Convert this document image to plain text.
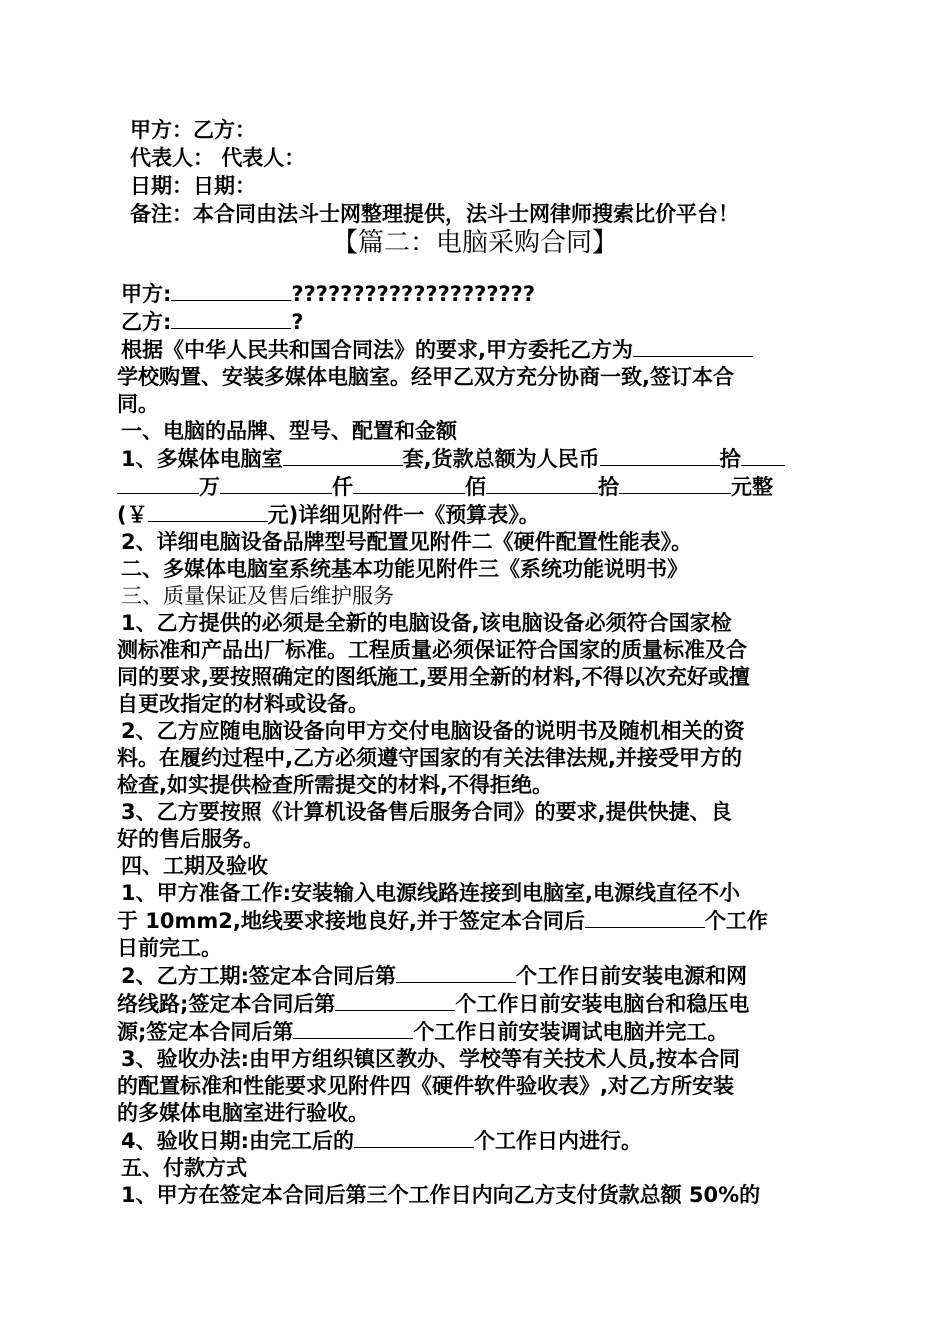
甲方：乙方：
代表人： 代表人：
日期：日期：
备注：本合同由法斗士网整理提供，法斗士网律师搜索比价平台！
【篇二：电脑采购合同】

甲方:	????????????????????

乙方:	?

根据《中华人民共和国合同法》的要求,甲方委托乙方为

学校购置、安装多媒体电脑室。经甲乙双方充分协商一致,签订本合

同。

一、电脑的品牌、型号、配置和金额

1、多媒体电脑室	套,货款总额为人民币	拾

万	仟	佰	拾	元整

(￥	元)详细见附件一《预算表》。

2、详细电脑设备品牌型号配置见附件二《硬件配置性能表》。

二、多媒体电脑室系统基本功能见附件三《系统功能说明书》

三、质量保证及售后维护服务

1、乙方提供的必须是全新的电脑设备,该电脑设备必须符合国家检

测标准和产品出厂标准。工程质量必须保证符合国家的质量标准及合

同的要求,要按照确定的图纸施工,要用全新的材料,不得以次充好或擅

自更改指定的材料或设备。

2、乙方应随电脑设备向甲方交付电脑设备的说明书及随机相关的资

料。在履约过程中,乙方必须遵守国家的有关法律法规,并接受甲方的

检查,如实提供检查所需提交的材料,不得拒绝。

3、乙方要按照《计算机设备售后服务合同》的要求,提供快捷、良

好的售后服务。

四、工期及验收

1、甲方准备工作:安装输入电源线路连接到电脑室,电源线直径不小

于 10mm2,地线要求接地良好,并于签定本合同后	个工作

日前完工。

2、乙方工期:签定本合同后第	个工作日前安装电源和网

络线路;签定本合同后第	个工作日前安装电脑台和稳压电

源;签定本合同后第	个工作日前安装调试电脑并完工。

3、验收办法:由甲方组织镇区教办、学校等有关技术人员,按本合同

的配置标准和性能要求见附件四《硬件软件验收表》,对乙方所安装

的多媒体电脑室进行验收。

4、验收日期:由完工后的	个工作日内进行。

五、付款方式

1、甲方在签定本合同后第三个工作日内向乙方支付货款总额 50%的
